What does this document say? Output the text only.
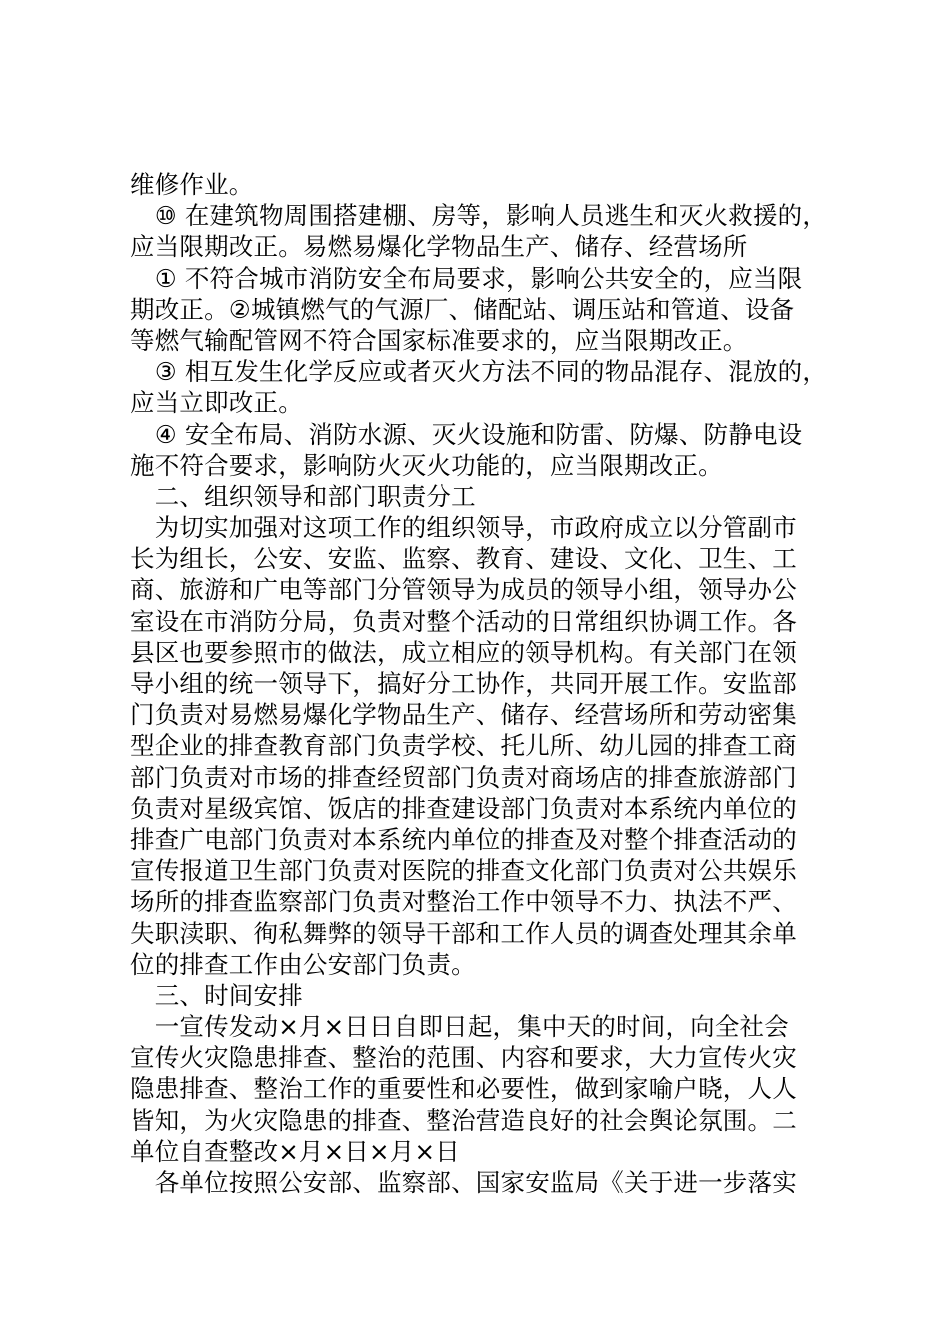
维修作业。
　⑩ 在建筑物周围搭建棚、房等，影响人员逃生和灭火救援的，
应当限期改正。易燃易爆化学物品生产、储存、经营场所
　① 不符合城市消防安全布局要求，影响公共安全的，应当限
期改正。②城镇燃气的气源厂、储配站、调压站和管道、设备
等燃气输配管网不符合国家标准要求的，应当限期改正。
　③ 相互发生化学反应或者灭火方法不同的物品混存、混放的，
应当立即改正。
　④ 安全布局、消防水源、灭火设施和防雷、防爆、防静电设
施不符合要求，影响防火灭火功能的，应当限期改正。
　二、组织领导和部门职责分工
　为切实加强对这项工作的组织领导，市政府成立以分管副市
长为组长，公安、安监、监察、教育、建设、文化、卫生、工
商、旅游和广电等部门分管领导为成员的领导小组，领导办公
室设在市消防分局，负责对整个活动的日常组织协调工作。各
县区也要参照市的做法，成立相应的领导机构。有关部门在领
导小组的统一领导下，搞好分工协作，共同开展工作。安监部
门负责对易燃易爆化学物品生产、储存、经营场所和劳动密集
型企业的排查教育部门负责学校、托儿所、幼儿园的排查工商
部门负责对市场的排查经贸部门负责对商场店的排查旅游部门
负责对星级宾馆、饭店的排查建设部门负责对本系统内单位的
排查广电部门负责对本系统内单位的排查及对整个排查活动的
宣传报道卫生部门负责对医院的排查文化部门负责对公共娱乐
场所的排查监察部门负责对整治工作中领导不力、执法不严、
失职渎职、徇私舞弊的领导干部和工作人员的调查处理其余单
位的排查工作由公安部门负责。
　三、时间安排
　一宣传发动×月×日日自即日起，集中天的时间，向全社会
宣传火灾隐患排查、整治的范围、内容和要求，大力宣传火灾
隐患排查、整治工作的重要性和必要性，做到家喻户晓，人人
皆知，为火灾隐患的排查、整治营造良好的社会舆论氛围。二
单位自查整改×月×日×月×日
　各单位按照公安部、监察部、国家安监局《关于进一步落实
